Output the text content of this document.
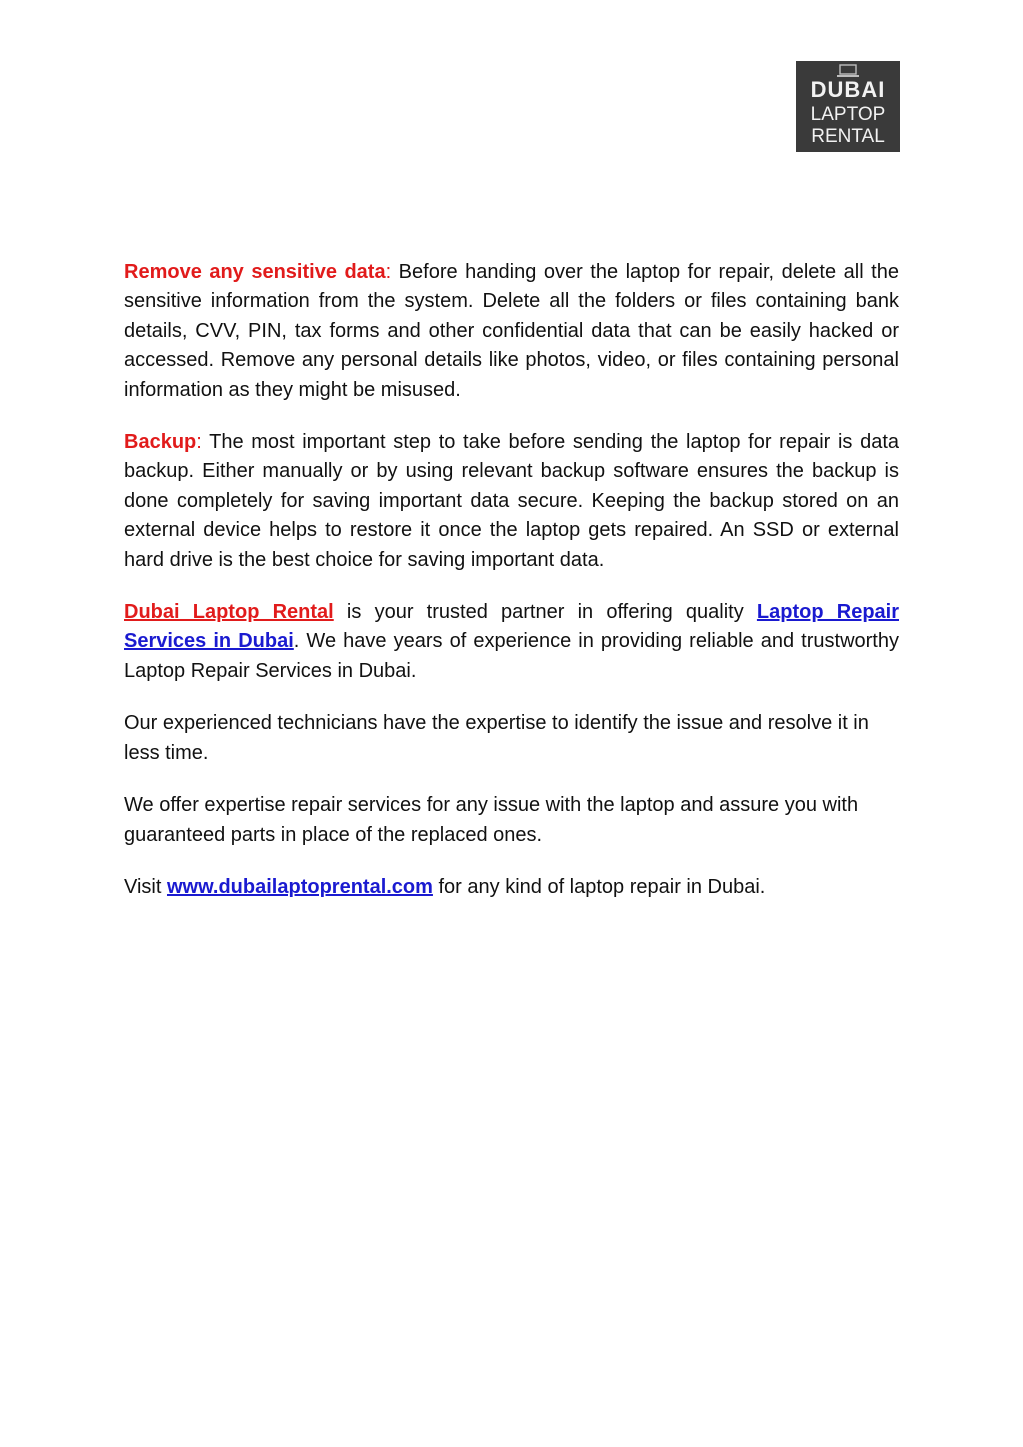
DUBAI
LAPTOP
RENTAL

Remove any sensitive data: Before handing over the laptop for repair, delete all the sensitive information from the system. Delete all the folders or files containing bank details, CVV, PIN, tax forms and other confidential data that can be easily hacked or accessed. Remove any personal details like photos, video, or files containing personal information as they might be misused.

Backup: The most important step to take before sending the laptop for repair is data backup. Either manually or by using relevant backup software ensures the backup is done completely for saving important data secure. Keeping the backup stored on an external device helps to restore it once the laptop gets repaired. An SSD or external hard drive is the best choice for saving important data.

Dubai Laptop Rental is your trusted partner in offering quality Laptop Repair Services in Dubai. We have years of experience in providing reliable and trustworthy Laptop Repair Services in Dubai.

Our experienced technicians have the expertise to identify the issue and resolve it in less time.

We offer expertise repair services for any issue with the laptop and assure you with guaranteed parts in place of the replaced ones.

Visit www.dubailaptoprental.com for any kind of laptop repair in Dubai.
